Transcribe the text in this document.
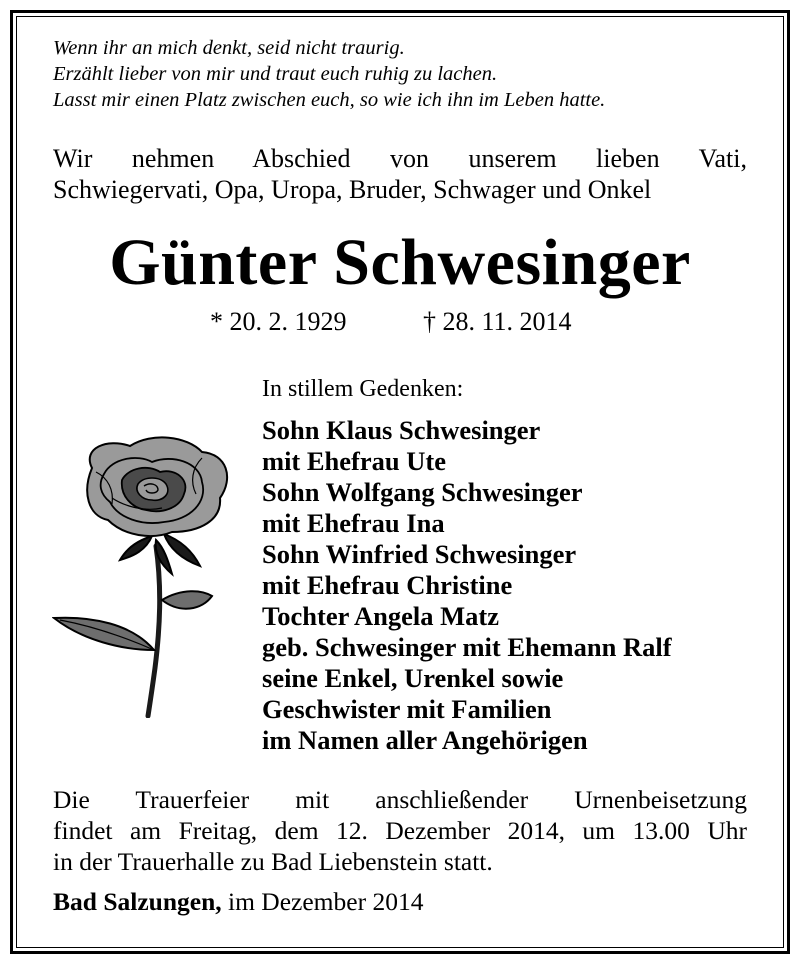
Wenn ihr an mich denkt, seid nicht traurig.
Erzählt lieber von mir und traut euch ruhig zu lachen.
Lasst mir einen Platz zwischen euch, so wie ich ihn im Leben hatte.
Wir nehmen Abschied von unserem lieben Vati,
Schwiegervati, Opa, Uropa, Bruder, Schwager und Onkel
Günter Schwesinger
* 20. 2. 1929	† 28. 11. 2014
In stillem Gedenken:
Sohn Klaus Schwesinger
mit Ehefrau Ute
Sohn Wolfgang Schwesinger
mit Ehefrau Ina
Sohn Winfried Schwesinger
mit Ehefrau Christine
Tochter Angela Matz
geb. Schwesinger mit Ehemann Ralf
seine Enkel, Urenkel sowie
Geschwister mit Familien
im Namen aller Angehörigen
Die Trauerfeier mit anschließender Urnenbeisetzung
findet am Freitag, dem 12. Dezember 2014, um 13.00 Uhr
in der Trauerhalle zu Bad Liebenstein statt.
Bad Salzungen, im Dezember 2014
